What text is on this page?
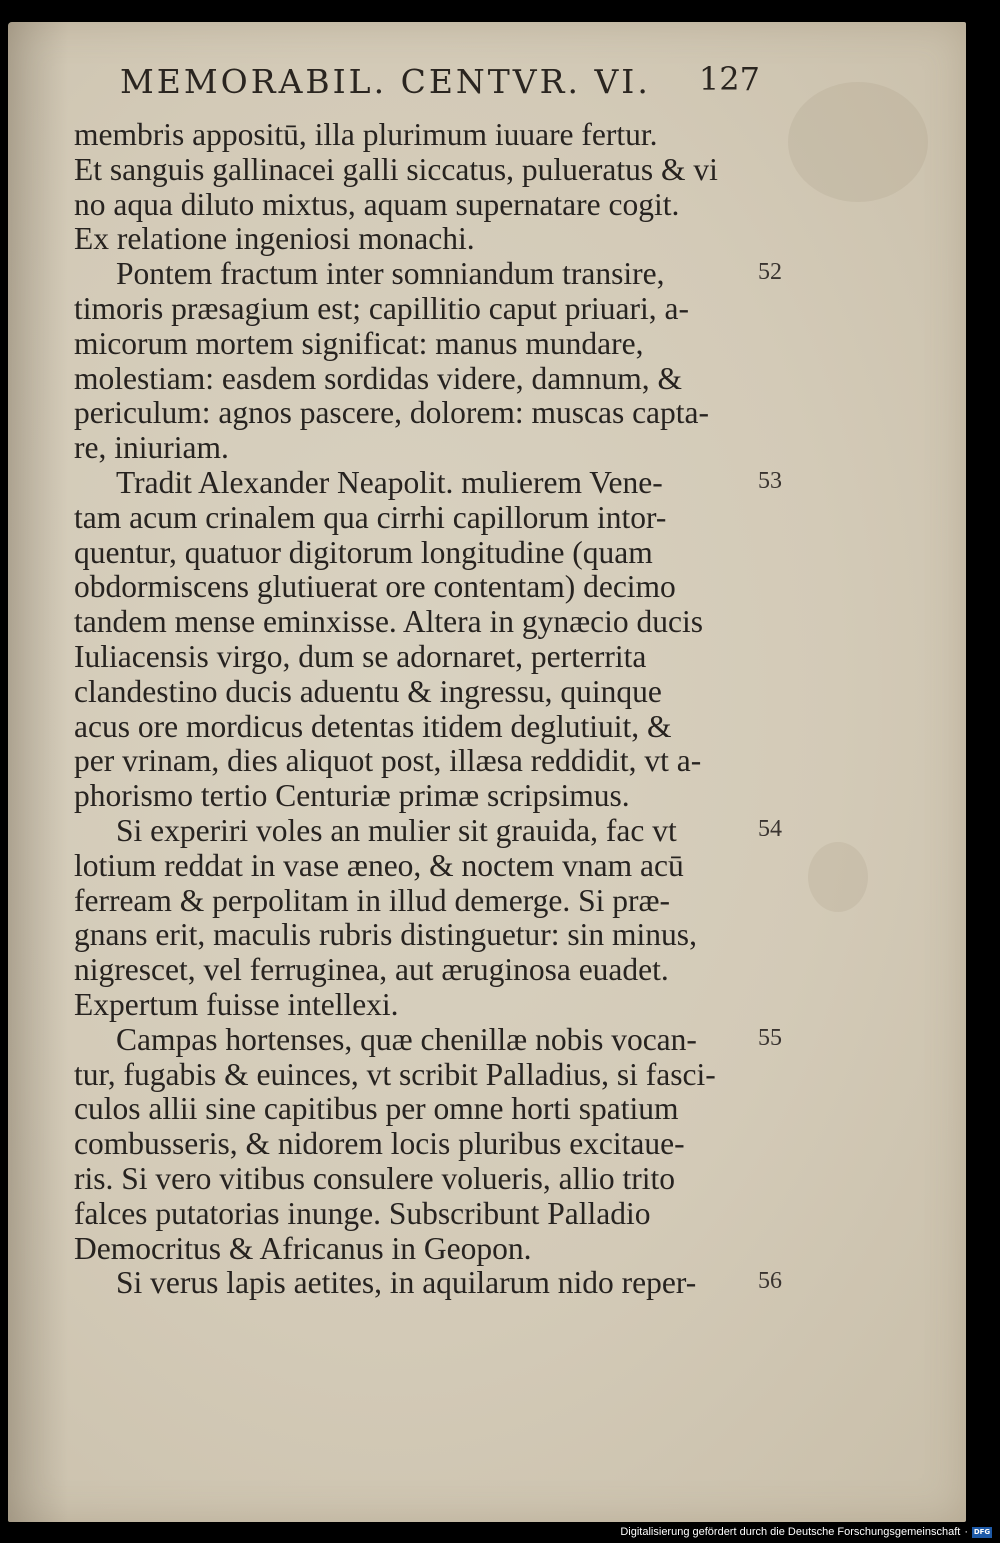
MEMORABIL. CENTVR. VI. 127
membris appositū, illa plurimum iuuare fertur.
Et sanguis gallinacei galli siccatus, pulueratus & vi
no aqua diluto mixtus, aquam supernatare cogit.
Ex relatione ingeniosi monachi.
Pontem fractum inter somniandum transire,
timoris præsagium est; capillitio caput priuari, a-
micorum mortem significat: manus mundare,
molestiam: easdem sordidas videre, damnum, &
periculum: agnos pascere, dolorem: muscas captа-
re, iniuriam.
Tradit Alexander Neapolit. mulierem Vene-
tam acum crinalem qua cirrhi capillorum intor-
quentur, quatuor digitorum longitudine (quam
obdormiscens glutiuerat ore contentam) decimo
tandem mense eminxisse. Altera in gynæcio ducis
Iuliacensis virgo, dum se adornaret, perterrita
clandestino ducis aduentu & ingressu, quinque
acus ore mordicus detentas itidem deglutiuit, &
per vrinam, dies aliquot post, illæsa reddidit, vt a-
phorismo tertio Centuriæ primæ scripsimus.
Si experiri voles an mulier sit grauida, fac vt
lotium reddat in vase æneo, & noctem vnam acū
ferream & perpolitam in illud demerge. Si præ-
gnans erit, maculis rubris distinguetur: sin minus,
nigrescet, vel ferruginea, aut æruginosa euadet.
Expertum fuisse intellexi.
Campas hortenses, quæ chenillæ nobis vocan-
tur, fugabis & euinces, vt scribit Palladius, si fasci-
culos allii sine capitibus per omne horti spatium
combusseris, & nidorem locis pluribus excitaue-
ris. Si vero vitibus consulere volueris, allio trito
falces putatorias inunge. Subscribunt Palladio
Democritus & Africanus in Geopon.
Si verus lapis aetites, in aquilarum nido reper-
52
53
54
55
56
Digitalisierung gefördert durch die Deutsche Forschungsgemeinschaft · DFG
